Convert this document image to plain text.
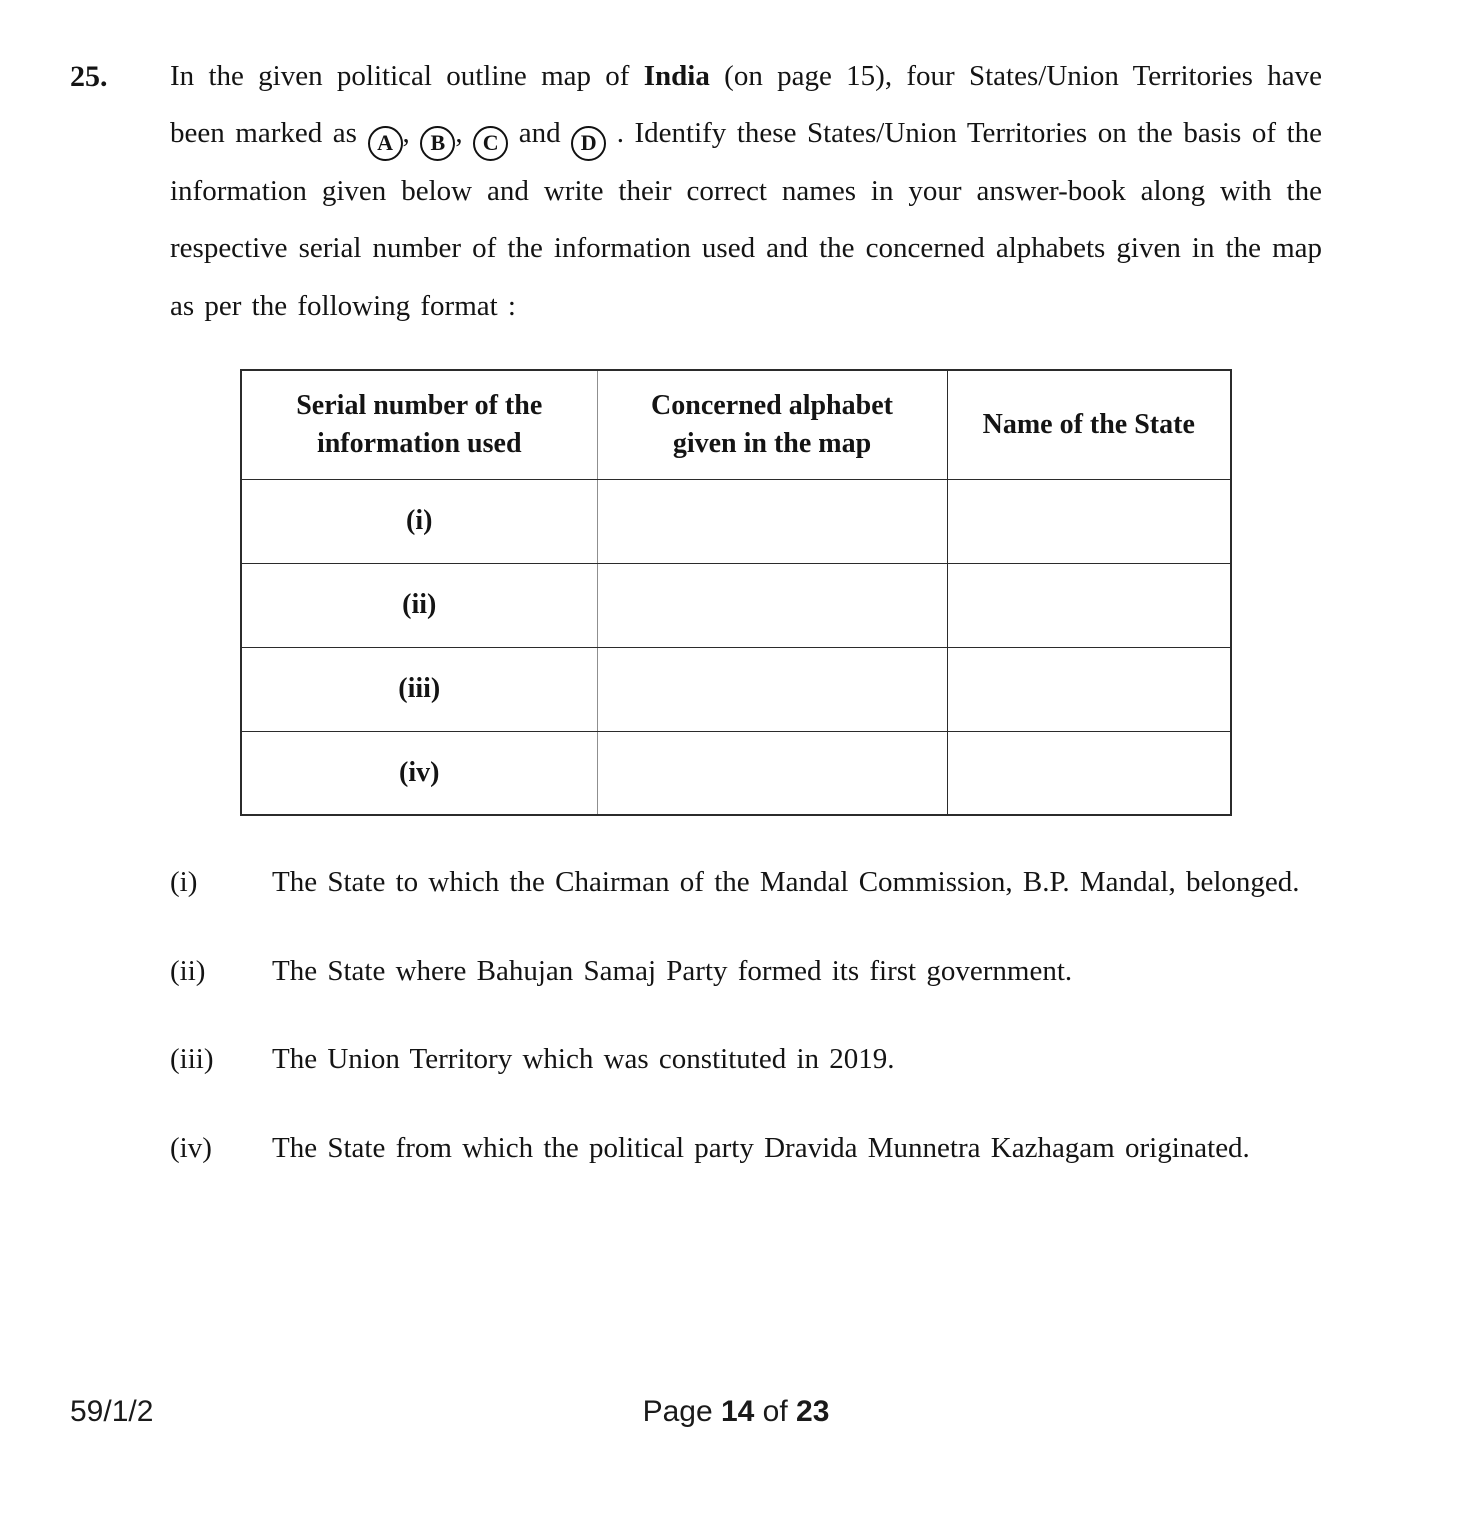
25.	In the given political outline map of India (on page 15), four States/Union Territories have been marked as A , B , C and D . Identify these States/Union Territories on the basis of the information given below and write their correct names in your answer-book along with the respective serial number of the information used and the concerned alphabets given in the map as per the following format :

Serial number of the information used	Concerned alphabet given in the map	Name of the State
(i)		
(ii)		
(iii)		
(iv)		
(i)	The State to which the Chairman of the Mandal Commission, B.P. Mandal, belonged.

(ii)	The State where Bahujan Samaj Party formed its first government.

(iii)	The Union Territory which was constituted in 2019.

(iv)	The State from which the political party Dravida Munnetra Kazhagam originated.

59/1/2	Page 14 of 23
